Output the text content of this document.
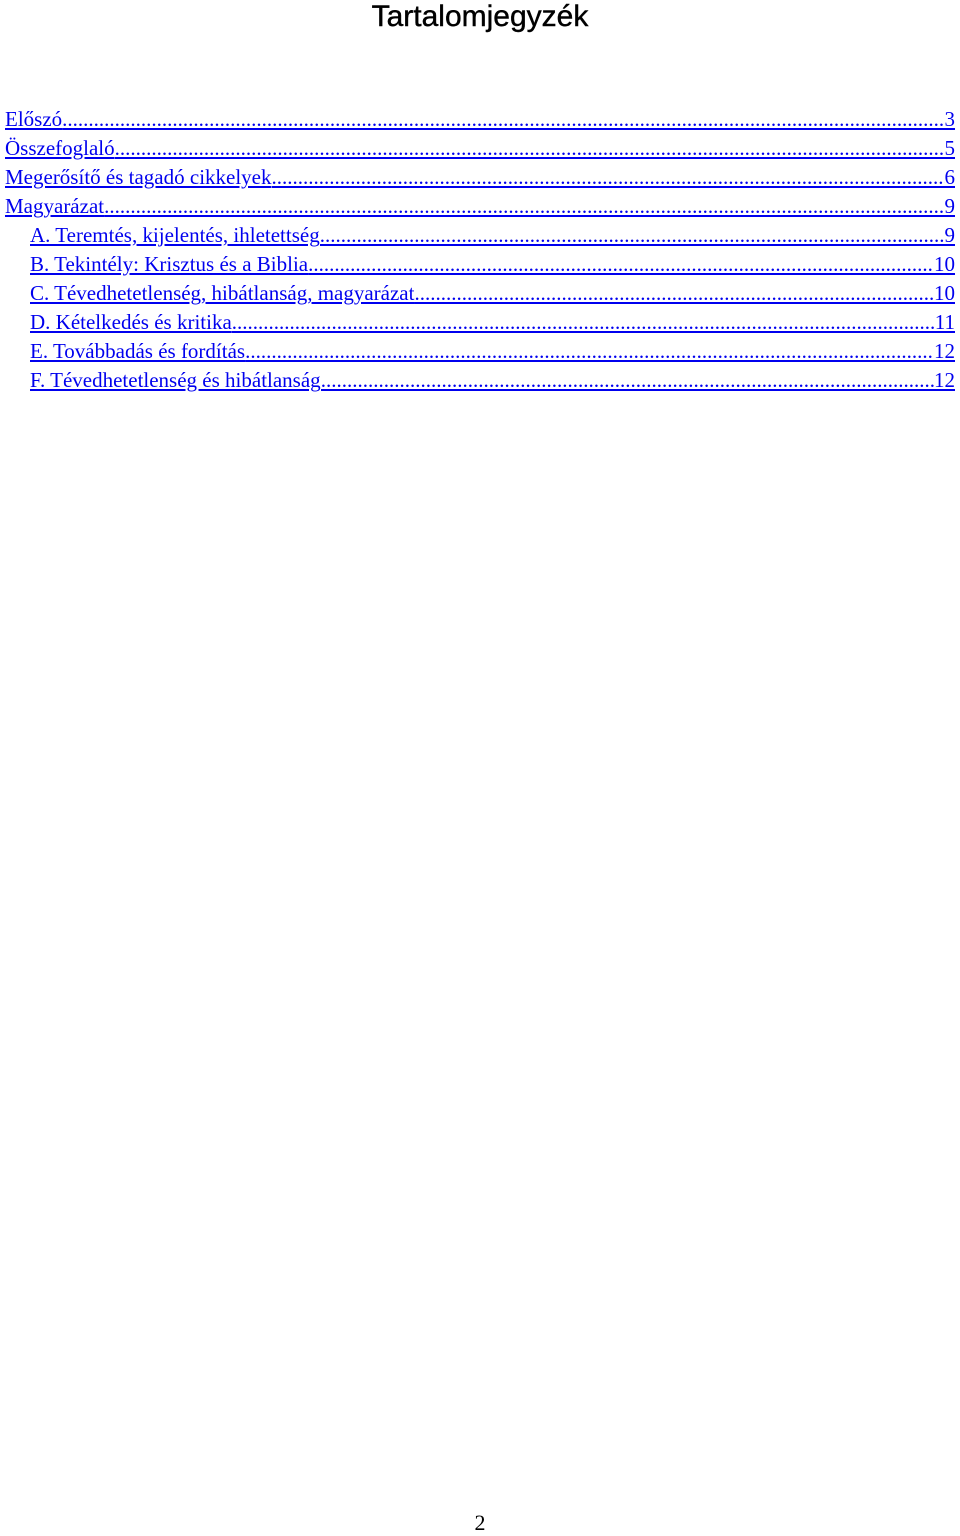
Tartalomjegyzék
Előszó .....	3
Összefoglaló .....	5
Megerősítő és tagadó cikkelyek .....	6
Magyarázat .....	9
A. Teremtés, kijelentés, ihletettség .....	9
B. Tekintély: Krisztus és a Biblia .....	10
C. Tévedhetetlenség, hibátlanság, magyarázat .....	10
D. Kételkedés és kritika .....	11
E. Továbbadás és fordítás .....	12
F. Tévedhetetlenség és hibátlanság .....	12
2
